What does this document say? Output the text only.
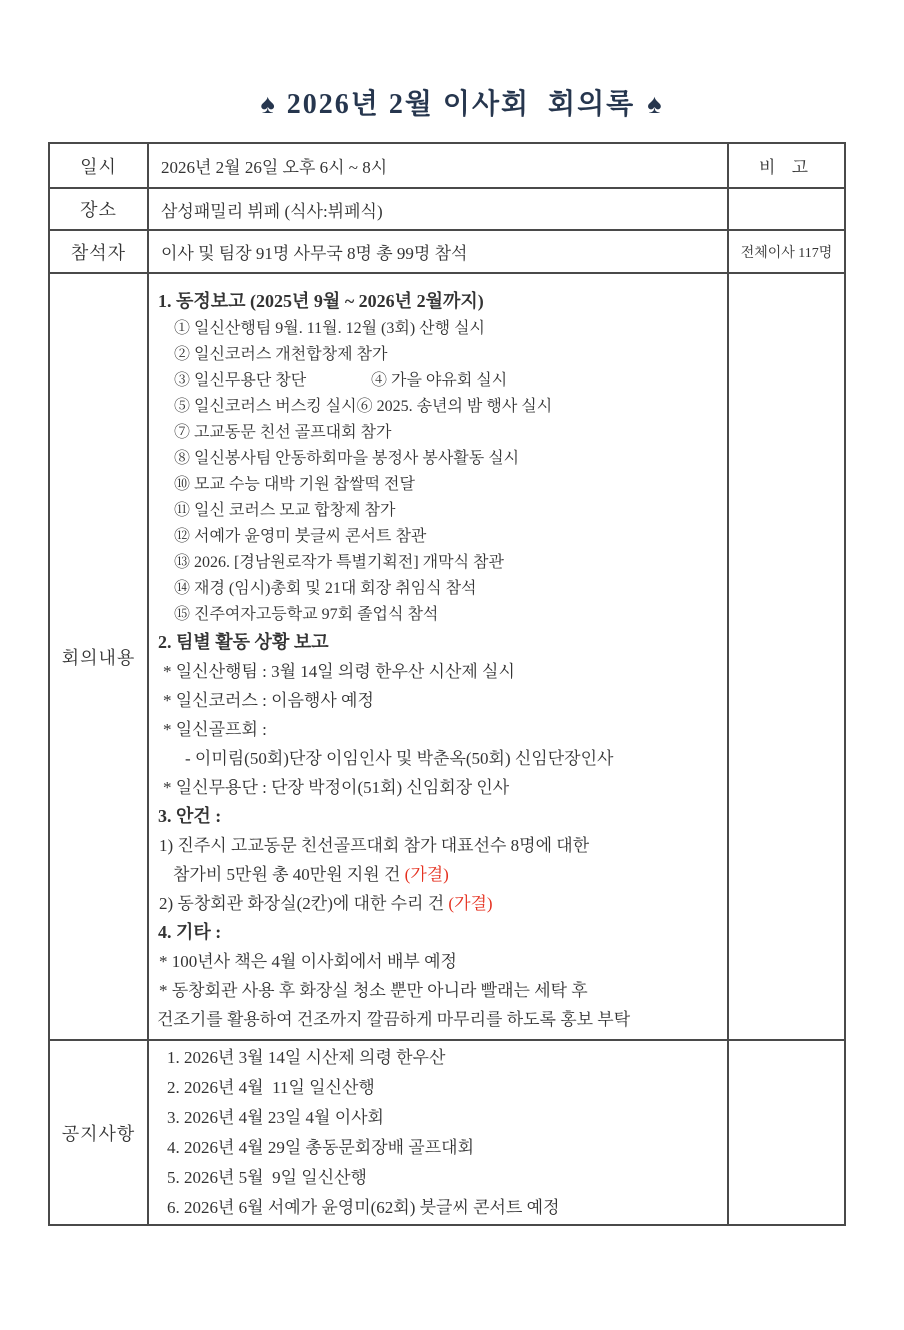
♠ 2026년 2월 이사회  회의록 ♠

일시	2026년 2월 26일 오후 6시 ~ 8시	비 고
장소	삼성패밀리 뷔페 (식사:뷔페식)	
참석자	이사 및 팀장 91명 사무국 8명 총 99명 참석	전체이사 117명
회의내용	
1. 동정보고 (2025년 9월 ~ 2026년 2월까지)
① 일신산행팀 9월. 11월. 12월 (3회) 산행 실시
② 일신코러스 개천합창제 참가
③ 일신무용단 창단	④ 가을 야유회 실시
⑤ 일신코러스 버스킹 실시⑥ 2025. 송년의 밤 행사 실시
⑦ 고교동문 친선 골프대회 참가
⑧ 일신봉사팀 안동하회마을 봉정사 봉사활동 실시
⑩ 모교 수능 대박 기원 찹쌀떡 전달
⑪ 일신 코러스 모교 합창제 참가
⑫ 서예가 윤영미 붓글씨 콘서트 참관
⑬ 2026. [경남원로작가 특별기획전] 개막식 참관
⑭ 재경 (임시)총회 및 21대 회장 취임식 참석
⑮ 진주여자고등학교 97회 졸업식 참석
2. 팀별 활동 상황 보고
* 일신산행팀 : 3월 14일 의령 한우산 시산제 실시
* 일신코러스 : 이음행사 예정
* 일신골프회 :
- 이미림(50회)단장 이임인사 및 박춘옥(50회) 신임단장인사
* 일신무용단 : 단장 박정이(51회) 신임회장 인사
3. 안건 :
1) 진주시 고교동문 친선골프대회 참가 대표선수 8명에 대한
참가비 5만원 총 40만원 지원 건 (가결)
2) 동창회관 화장실(2칸)에 대한 수리 건 (가결)
4. 기타 :
* 100년사 책은 4월 이사회에서 배부 예정
* 동창회관 사용 후 화장실 청소 뿐만 아니라 빨래는 세탁 후
건조기를 활용하여 건조까지 깔끔하게 마무리를 하도록 홍보 부탁

공지사항	
1. 2026년 3월 14일 시산제 의령 한우산
2. 2026년 4월  11일 일신산행
3. 2026년 4월 23일 4월 이사회
4. 2026년 4월 29일 총동문회장배 골프대회
5. 2026년 5월  9일 일신산행
6. 2026년 6월 서예가 윤영미(62회) 붓글씨 콘서트 예정
